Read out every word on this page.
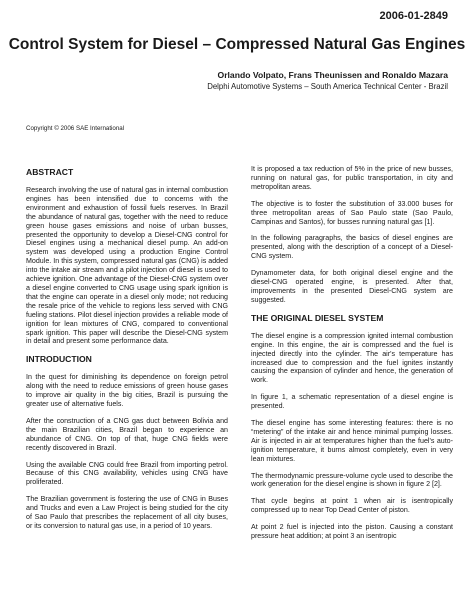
2006-01-2849
Control System for Diesel – Compressed Natural Gas Engines
Orlando Volpato, Frans Theunissen and Ronaldo Mazara
Delphi Automotive Systems – South America Technical Center - Brazil
Copyright © 2006 SAE International
ABSTRACT

Research involving the use of natural gas in internal combustion engines has been intensified due to concerns with the environment and exhaustion of fossil fuels reserves. In Brazil the abundance of natural gas, together with the need to reduce green house gases emissions and noise of urban busses, presented the opportunity to develop a Diesel-CNG control for Diesel engines using a mechanical diesel pump. An add-on system was developed using a production Engine Control Module. In this system, compressed natural gas (CNG) is added into the intake air stream and a pilot injection of diesel is used to achieve ignition. One advantage of the Diesel-CNG system over a diesel engine converted to CNG usage using spark ignition is that the engine can operate in a diesel only mode; not reducing the resale price of the vehicle to regions less served with CNG fueling stations. Pilot diesel injection provides a reliable mode of ignition for lean mixtures of CNG, compared to conventional spark ignition. This paper will describe the Diesel-CNG system in detail and present some performance data.

INTRODUCTION

In the quest for diminishing its dependence on foreign petrol along with the need to reduce emissions of green house gases to improve air quality in the big cities, Brazil is pursuing the greater use of alternative fuels.

After the construction of a CNG gas duct between Bolivia and the main Brazilian cities, Brazil began to experience an abundance of CNG. On top of that, huge CNG fields were recently discovered in Brazil.

Using the available CNG could free Brazil from importing petrol. Because of this CNG availability, vehicles using CNG have proliferated.

The Brazilian government is fostering the use of CNG in Buses and Trucks and even a Law Project is being studied for the city of Sao Paulo that prescribes the replacement of all city buses, or its conversion to natural gas use, in a period of 10 years.

It is proposed a tax reduction of 5% in the price of new busses, running on natural gas, for public transportation, in city and metropolitan areas.

The objective is to foster the substitution of 33.000 buses for three metropolitan areas of Sao Paulo state (Sao Paulo, Campinas and Santos), for busses running natural gas [1].

In the following paragraphs, the basics of diesel engines are presented, along with the description of a concept of a Diesel-CNG system.

Dynamometer data, for both original diesel engine and the diesel-CNG operated engine, is presented. After that, improvements in the presented Diesel-CNG system are suggested.

THE ORIGINAL DIESEL SYSTEM

The diesel engine is a compression ignited internal combustion engine. In this engine, the air is compressed and the fuel is injected directly into the cylinder. The air's temperature has increased due to compression and the fuel ignites instantly causing the expansion of cylinder and hence, the generation of work.

In figure 1, a schematic representation of a diesel engine is presented.

The diesel engine has some interesting features: there is no “metering” of the intake air and hence minimal pumping losses. Air is injected in air at temperatures higher than the fuel's auto-ignition temperature, it burns almost completely, even in very lean mixtures.

The thermodynamic pressure-volume cycle used to describe the work generation for the diesel engine is shown in figure 2 [2].

That cycle begins at point 1 when air is isentropically compressed up to near Top Dead Center of piston.

At point 2 fuel is injected into the piston. Causing a constant pressure heat addition; at point 3 an isentropic
